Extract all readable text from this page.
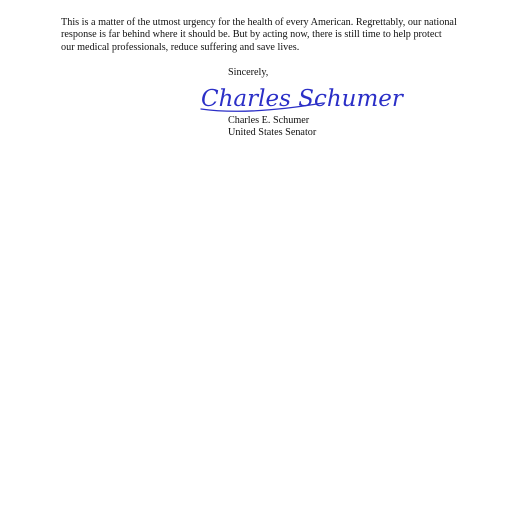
This is a matter of the utmost urgency for the health of every American. Regrettably, our national
response is far behind where it should be. But by acting now, there is still time to help protect
our medical professionals, reduce suffering and save lives.

Sincerely,
Charles Schumer
Charles E. Schumer
United States Senator
